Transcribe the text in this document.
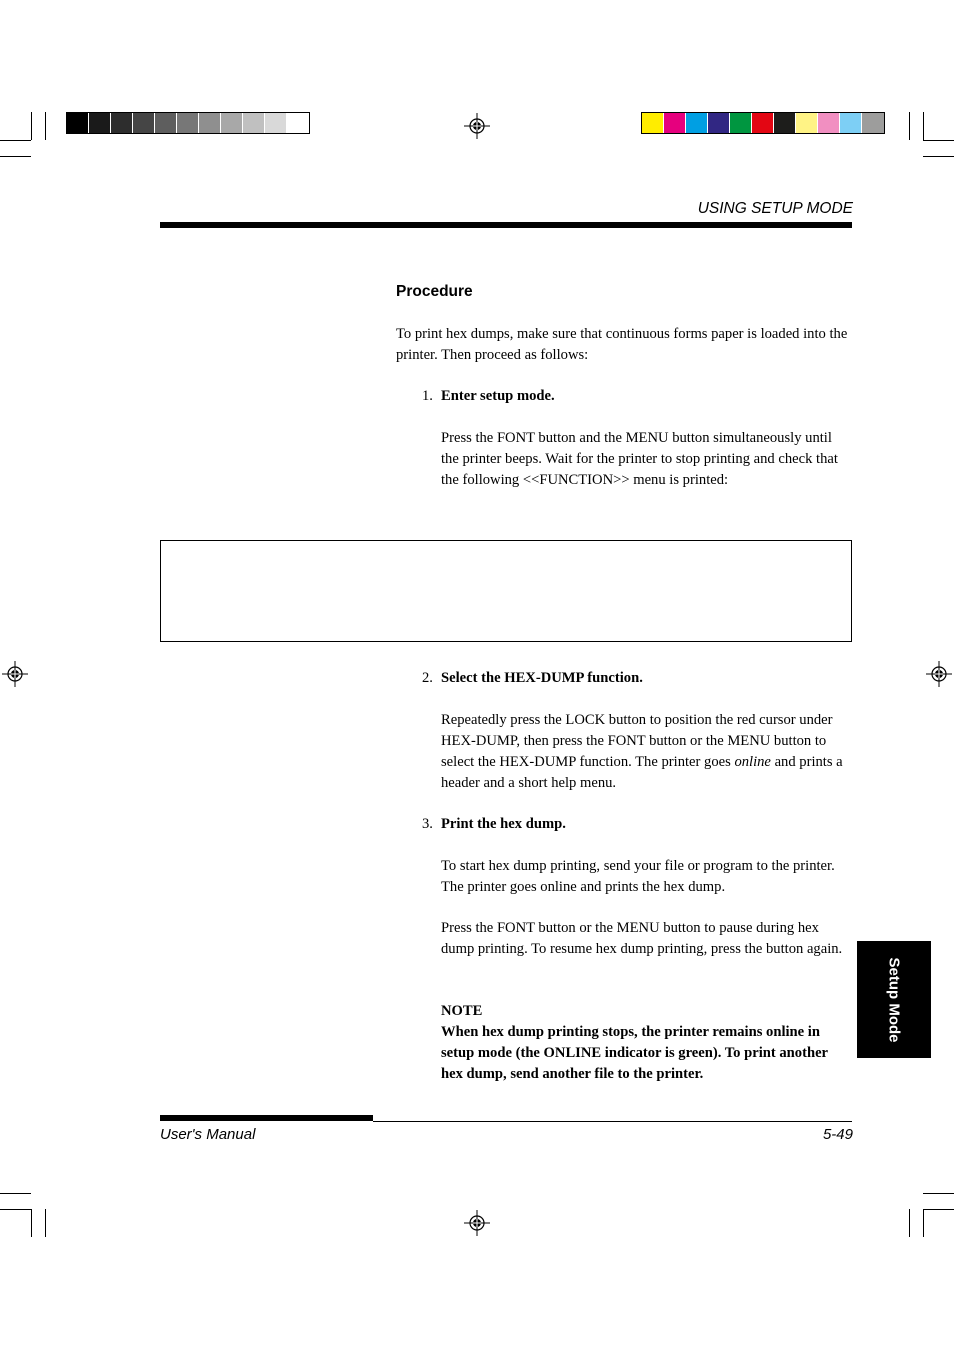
USING SETUP MODE
Procedure
To print hex dumps, make sure that continuous forms paper is loaded into the printer. Then proceed as follows:
1. Enter setup mode.
Press the FONT button and the MENU button simultaneously until the printer beeps. Wait for the printer to stop printing and check that the following <<FUNCTION>> menu is printed:
2. Select the HEX-DUMP function.
Repeatedly press the LOCK button to position the red cursor under HEX-DUMP, then press the FONT button or the MENU button to select the HEX-DUMP function. The printer goes online and prints a header and a short help menu.
3. Print the hex dump.
To start hex dump printing, send your file or program to the printer. The printer goes online and prints the hex dump.
Press the FONT button or the MENU button to pause during hex dump printing. To resume hex dump printing, press the button again.
NOTE
When hex dump printing stops, the printer remains online in setup mode (the ONLINE indicator is green). To print another hex dump, send another file to the printer.
Setup Mode
User's Manual	5-49
